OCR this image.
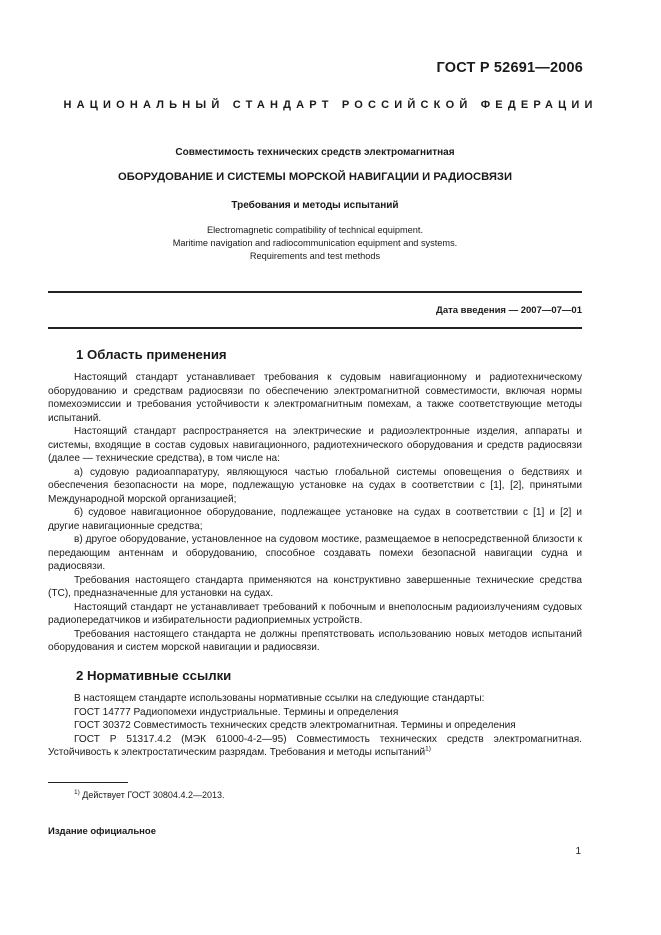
ГОСТ Р 52691—2006
НАЦИОНАЛЬНЫЙ СТАНДАРТ РОССИЙСКОЙ ФЕДЕРАЦИИ
Совместимость технических средств электромагнитная
ОБОРУДОВАНИЕ И СИСТЕМЫ МОРСКОЙ НАВИГАЦИИ И РАДИОСВЯЗИ
Требования и методы испытаний
Electromagnetic compatibility of technical equipment.
Maritime navigation and radiocommunication equipment and systems.
Requirements and test methods
Дата введения — 2007—07—01
1 Область применения

Настоящий стандарт устанавливает требования к судовым навигационному и радиотехническому оборудованию и средствам радиосвязи по обеспечению электромагнитной совместимости, включая нормы помехоэмиссии и требования устойчивости к электромагнитным помехам, а также соответствующие методы испытаний.

Настоящий стандарт распространяется на электрические и радиоэлектронные изделия, аппараты и системы, входящие в состав судовых навигационного, радиотехнического оборудования и средств радиосвязи (далее — технические средства), в том числе на:

а) судовую радиоаппаратуру, являющуюся частью глобальной системы оповещения о бедствиях и обеспечения безопасности на море, подлежащую установке на судах в соответствии с [1], [2], принятыми Международной морской организацией;

б) судовое навигационное оборудование, подлежащее установке на судах в соответствии с [1] и [2] и другие навигационные средства;

в) другое оборудование, установленное на судовом мостике, размещаемое в непосредственной близости к передающим антеннам и оборудованию, способное создавать помехи безопасной навигации судна и радиосвязи.

Требования настоящего стандарта применяются на конструктивно завершенные технические средства (ТС), предназначенные для установки на судах.

Настоящий стандарт не устанавливает требований к побочным и внеполосным радиоизлучениям судовых радиопередатчиков и избирательности радиоприемных устройств.

Требования настоящего стандарта не должны препятствовать использованию новых методов испытаний оборудования и систем морской навигации и радиосвязи.

2 Нормативные ссылки

В настоящем стандарте использованы нормативные ссылки на следующие стандарты:

ГОСТ 14777 Радиопомехи индустриальные. Термины и определения

ГОСТ 30372 Совместимость технических средств электромагнитная. Термины и определения

ГОСТ Р 51317.4.2 (МЭК 61000-4-2—95) Совместимость технических средств электромагнитная. Устойчивость к электростатическим разрядам. Требования и методы испытаний$^{1)}$

$^{1)}$ Действует ГОСТ 30804.4.2—2013.
Издание официальное
1
